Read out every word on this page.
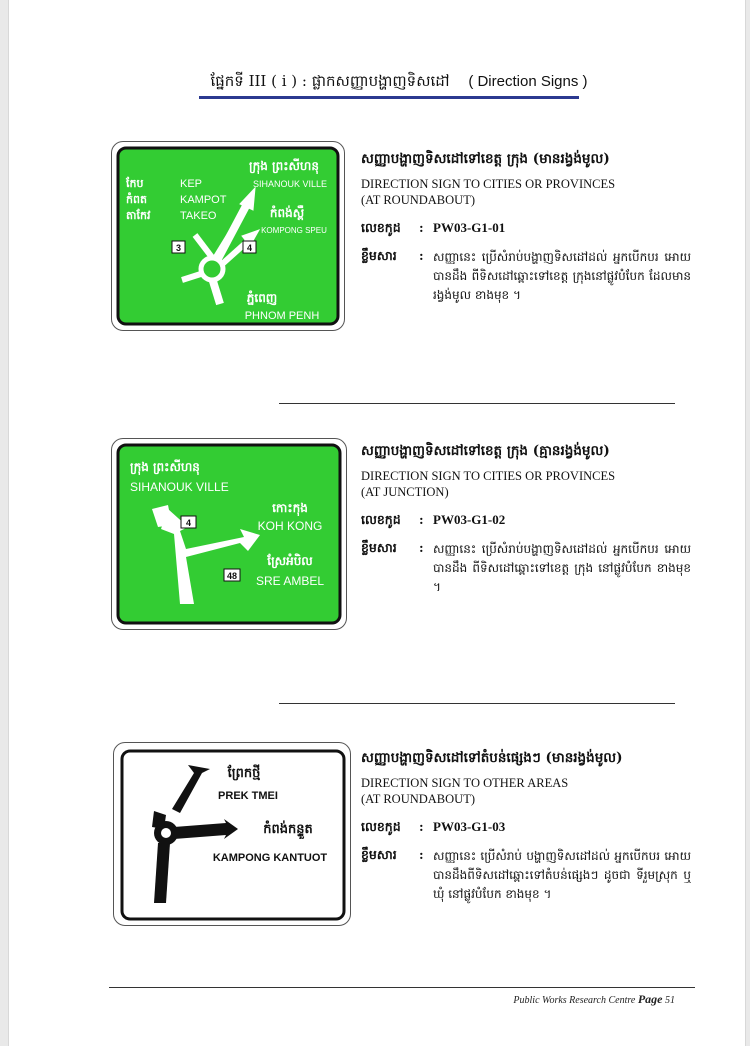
ផ្នែកទី III ( i ) : ផ្លាកសញ្ញាបង្ហាញទិសដៅ ( Direction Signs )
3	4
ក្រុង ព្រះសីហនុ
SIHANOUK VILLE
កែប
កំពត
តាកែវ
KEP
KAMPOT
TAKEO	កំពង់ស្ពឺ
KOMPONG SPEU
ភ្នំពេញ
PHNOM PENH
សញ្ញាបង្ហាញទិសដៅទៅខេត្ត ក្រុង (មានរង្វង់មូល)
DIRECTION SIGN TO CITIES OR PROVINCES
(AT ROUNDABOUT)
លេខកូដ : PW03-G1-01
ខ្លឹមសារ : សញ្ញានេះ ប្រើសំរាប់បង្ហាញទិសដៅដល់ អ្នកបើកបរ អោយបានដឹង ពីទិសដៅឆ្ពោះទៅខេត្ត ក្រុងនៅផ្លូវបំបែក ដែលមានរង្វង់មូល ខាងមុខ ។
4
48
ក្រុង ព្រះសីហនុ
SIHANOUK VILLE
កោះកុង
KOH KONG
ស្រែអំបិល
SRE AMBEL
សញ្ញាបង្ហាញទិសដៅទៅខេត្ត ក្រុង (គ្មានរង្វង់មូល)
DIRECTION SIGN TO CITIES OR PROVINCES
(AT JUNCTION)
លេខកូដ : PW03-G1-02
ខ្លឹមសារ : សញ្ញានេះ ប្រើសំរាប់បង្ហាញទិសដៅដល់ អ្នកបើកបរ អោយបានដឹង ពីទិសដៅឆ្ពោះទៅខេត្ត ក្រុង នៅផ្លូវបំបែក ខាងមុខ ។
ព្រែកថ្មី
PREK TMEI
កំពង់កន្ទួត
KAMPONG KANTUOT
សញ្ញាបង្ហាញទិសដៅទៅតំបន់ផ្សេងៗ (មានរង្វង់មូល)
DIRECTION SIGN TO OTHER AREAS
(AT ROUNDABOUT)
លេខកូដ : PW03-G1-03
ខ្លឹមសារ : សញ្ញានេះ ប្រើសំរាប់ បង្ហាញទិសដៅដល់ អ្នកបើកបរ អោយបានដឹងពីទិសដៅឆ្ពោះទៅតំបន់ផ្សេងៗ ដូចជា ទីរួមស្រុក ឬ ឃុំ នៅផ្លូវបំបែក ខាងមុខ ។
Public Works Research Centre Page 51
